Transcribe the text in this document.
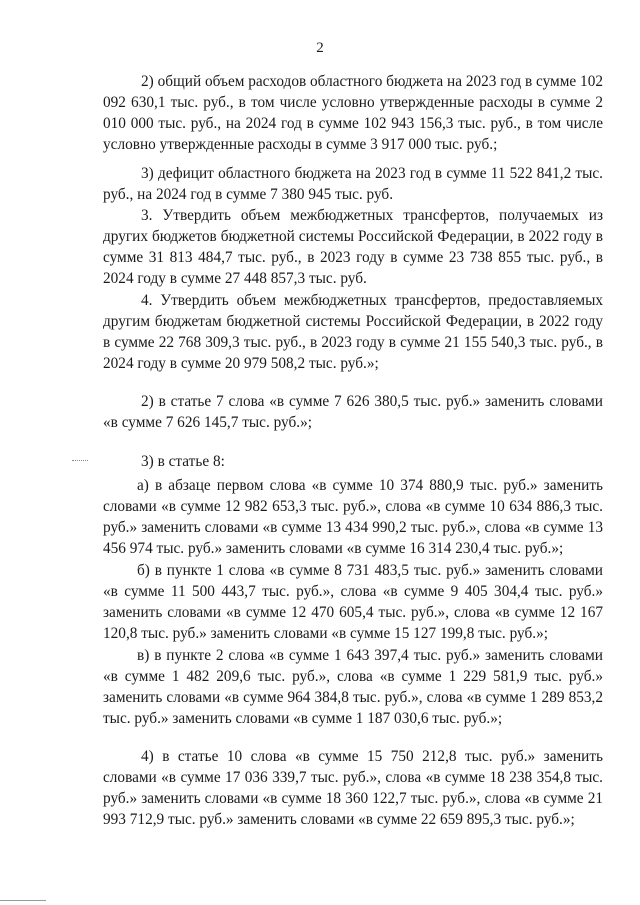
2

2) общий объем расходов областного бюджета на 2023 год в сумме 102 092 630,1 тыс. руб., в том числе условно утвержденные расходы в сумме 2 010 000 тыс. руб., на 2024 год в сумме 102 943 156,3 тыс. руб., в том числе условно утвержденные расходы в сумме 3 917 000 тыс. руб.;

3) дефицит областного бюджета на 2023 год в сумме 11 522 841,2 тыс. руб., на 2024 год в сумме 7 380 945 тыс. руб.

3. Утвердить объем межбюджетных трансфертов, получаемых из других бюджетов бюджетной системы Российской Федерации, в 2022 году в сумме 31 813 484,7 тыс. руб., в 2023 году в сумме 23 738 855 тыс. руб., в 2024 году в сумме 27 448 857,3 тыс. руб.

4. Утвердить объем межбюджетных трансфертов, предоставляемых другим бюджетам бюджетной системы Российской Федерации, в 2022 году в сумме 22 768 309,3 тыс. руб., в 2023 году в сумме 21 155 540,3 тыс. руб., в 2024 году в сумме 20 979 508,2 тыс. руб.»;

2) в статье 7 слова «в сумме 7 626 380,5 тыс. руб.» заменить словами «в сумме 7 626 145,7 тыс. руб.»;

3) в статье 8:

а) в абзаце первом слова «в сумме 10 374 880,9 тыс. руб.» заменить словами «в сумме 12 982 653,3 тыс. руб.», слова «в сумме 10 634 886,3 тыс. руб.» заменить словами «в сумме 13 434 990,2 тыс. руб.», слова «в сумме 13 456 974 тыс. руб.» заменить словами «в сумме 16 314 230,4 тыс. руб.»;

б) в пункте 1 слова «в сумме 8 731 483,5 тыс. руб.» заменить словами «в сумме 11 500 443,7 тыс. руб.», слова «в сумме 9 405 304,4 тыс. руб.» заменить словами «в сумме 12 470 605,4 тыс. руб.», слова «в сумме 12 167 120,8 тыс. руб.» заменить словами «в сумме 15 127 199,8 тыс. руб.»;

в) в пункте 2 слова «в сумме 1 643 397,4 тыс. руб.» заменить словами «в сумме 1 482 209,6 тыс. руб.», слова «в сумме 1 229 581,9 тыс. руб.» заменить словами «в сумме 964 384,8 тыс. руб.», слова «в сумме 1 289 853,2 тыс. руб.» заменить словами «в сумме 1 187 030,6 тыс. руб.»;

4) в статье 10 слова «в сумме 15 750 212,8 тыс. руб.» заменить словами «в сумме 17 036 339,7 тыс. руб.», слова «в сумме 18 238 354,8 тыс. руб.» заменить словами «в сумме 18 360 122,7 тыс. руб.», слова «в сумме 21 993 712,9 тыс. руб.» заменить словами «в сумме 22 659 895,3 тыс. руб.»;
